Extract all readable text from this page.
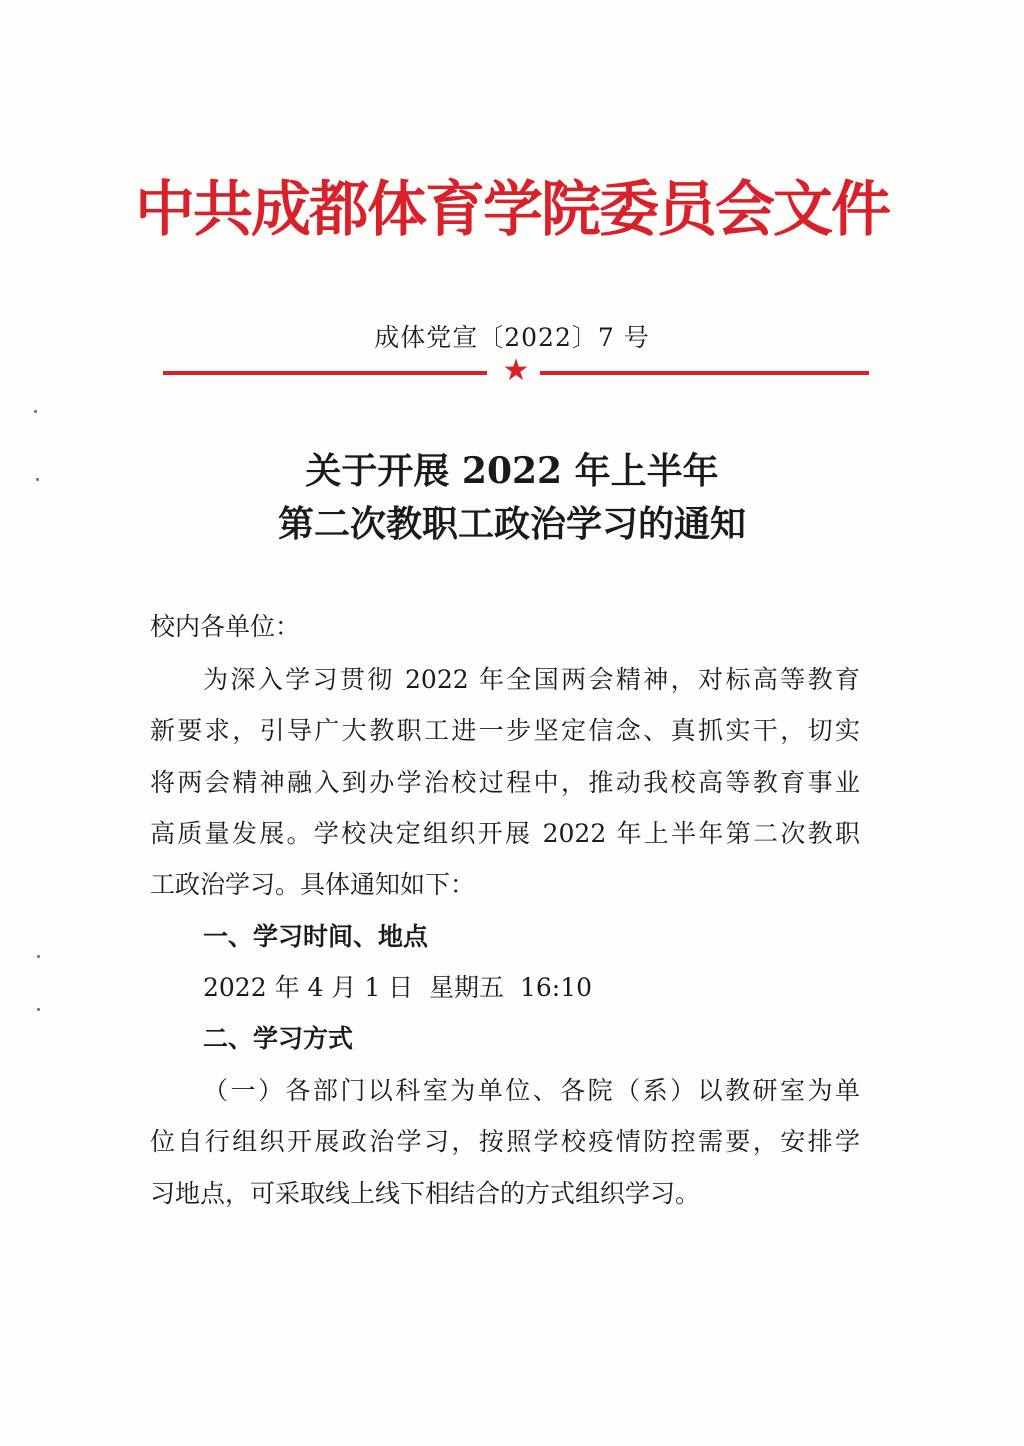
中共成都体育学院委员会文件
成体党宣〔2022〕7 号
★
关于开展 2022 年上半年
第二次教职工政治学习的通知
校内各单位：
为深入学习贯彻 2022 年全国两会精神，对标高等教育
新要求，引导广大教职工进一步坚定信念、真抓实干，切实
将两会精神融入到办学治校过程中，推动我校高等教育事业
高质量发展。学校决定组织开展 2022 年上半年第二次教职
工政治学习。具体通知如下：
一、学习时间、地点
2022 年 4 月 1 日  星期五  16:10
二、学习方式
（一）各部门以科室为单位、各院（系）以教研室为单
位自行组织开展政治学习，按照学校疫情防控需要，安排学
习地点，可采取线上线下相结合的方式组织学习。
